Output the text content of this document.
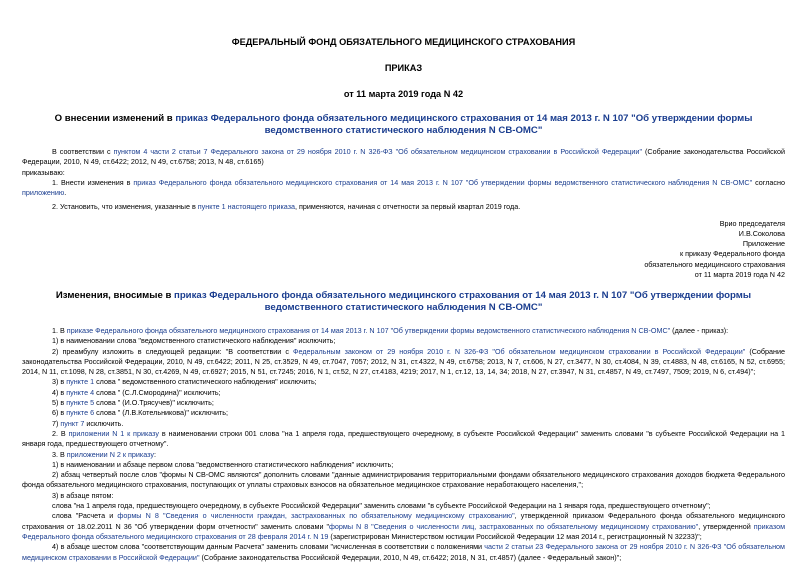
ФЕДЕРАЛЬНЫЙ ФОНД ОБЯЗАТЕЛЬНОГО МЕДИЦИНСКОГО СТРАХОВАНИЯ
ПРИКАЗ
от 11 марта 2019 года N 42
О внесении изменений в приказ Федерального фонда обязательного медицинского страхования от 14 мая 2013 г. N 107 "Об утверждении формы ведомственного статистического наблюдения N СВ-ОМС"

В соответствии с пунктом 4 части 2 статьи 7 Федерального закона от 29 ноября 2010 г. N 326-ФЗ "Об обязательном медицинском страховании в Российской Федерации" (Собрание законодательства Российской Федерации, 2010, N 49, ст.6422; 2012, N 49, ст.6758; 2013, N 48, ст.6165)

приказываю:

1. Внести изменения в приказ Федерального фонда обязательного медицинского страхования от 14 мая 2013 г. N 107 "Об утверждении формы ведомственного статистического наблюдения N СВ-ОМС" согласно приложению.

2. Установить, что изменения, указанные в пункте 1 настоящего приказа, применяются, начиная с отчетности за первый квартал 2019 года.

Врио председателя

И.В.Соколова

Приложение

к приказу Федерального фонда

обязательного медицинского страхования

от 11 марта 2019 года N 42

Изменения, вносимые в приказ Федерального фонда обязательного медицинского страхования от 14 мая 2013 г. N 107 "Об утверждении формы ведомственного статистического наблюдения N СВ-ОМС"

1. В приказе Федерального фонда обязательного медицинского страхования от 14 мая 2013 г. N 107 "Об утверждении формы ведомственного статистического наблюдения N СВ-ОМС" (далее - приказ):

1) в наименовании слова "ведомственного статистического наблюдения" исключить;

2) преамбулу изложить в следующей редакции: "В соответствии с Федеральным законом от 29 ноября 2010 г. N 326-ФЗ "Об обязательном медицинском страховании в Российской Федерации" (Собрание законодательства Российской Федерации, 2010, N 49, ст.6422; 2011, N 25, ст.3529, N 49, ст.7047, 7057; 2012, N 31, ст.4322, N 49, ст.6758; 2013, N 7, ст.606, N 27, ст.3477, N 30, ст.4084, N 39, ст.4883, N 48, ст.6165, N 52, ст.6955; 2014, N 11, ст.1098, N 28, ст.3851, N 30, ст.4269, N 49, ст.6927; 2015, N 51, ст.7245; 2016, N 1, ст.52, N 27, ст.4183, 4219; 2017, N 1, ст.12, 13, 14, 34; 2018, N 27, ст.3947, N 31, ст.4857, N 49, ст.7497, 7509; 2019, N 6, ст.494)";

3) в пункте 1 слова " ведомственного статистического наблюдения" исключить;

4) в пункте 4 слова " (С.Л.Смородина)" исключить;

5) в пункте 5 слова " (И.О.Трясучев)" исключить;

6) в пункте 6 слова " (Л.В.Котельникова)" исключить;

7) пункт 7 исключить.

2. В приложении N 1 к приказу в наименовании строки 001 слова "на 1 апреля года, предшествующего очередному, в субъекте Российской Федерации" заменить словами "в субъекте Российской Федерации на 1 января года, предшествующего отчетному".

3. В приложении N 2 к приказу:

1) в наименовании и абзаце первом слова "ведомственного статистического наблюдения" исключить;

2) абзац четвертый после слов "формы N СВ-ОМС являются" дополнить словами "данные администрирования территориальными фондами обязательного медицинского страхования доходов бюджета Федерального фонда обязательного медицинского страхования, поступающих от уплаты страховых взносов на обязательное медицинское страхование неработающего населения,";

3) в абзаце пятом:

слова "на 1 апреля года, предшествующего очередному, в субъекте Российской Федерации" заменить словами "в субъекте Российской Федерации на 1 января года, предшествующего отчетному";

слова "Расчета и формы N 8 "Сведения о численности граждан, застрахованных по обязательному медицинскому страхованию", утвержденной приказом Федерального фонда обязательного медицинского страхования от 18.02.2011 N 36 "Об утверждении форм отчетности" заменить словами "формы N 8 "Сведения о численности лиц, застрахованных по обязательному медицинскому страхованию", утвержденной приказом Федерального фонда обязательного медицинского страхования от 28 февраля 2014 г. N 19 (зарегистрирован Министерством юстиции Российской Федерации 12 мая 2014 г., регистрационный N 32233)";

4) в абзаце шестом слова "соответствующим данным Расчета" заменить словами "исчисленная в соответствии с положениями части 2 статьи 23 Федерального закона от 29 ноября 2010 г. N 326-ФЗ "Об обязательном медицинском страховании в Российской Федерации" (Собрание законодательства Российской Федерации, 2010, N 49, ст.6422; 2018, N 31, ст.4857) (далее - Федеральный закон)";
